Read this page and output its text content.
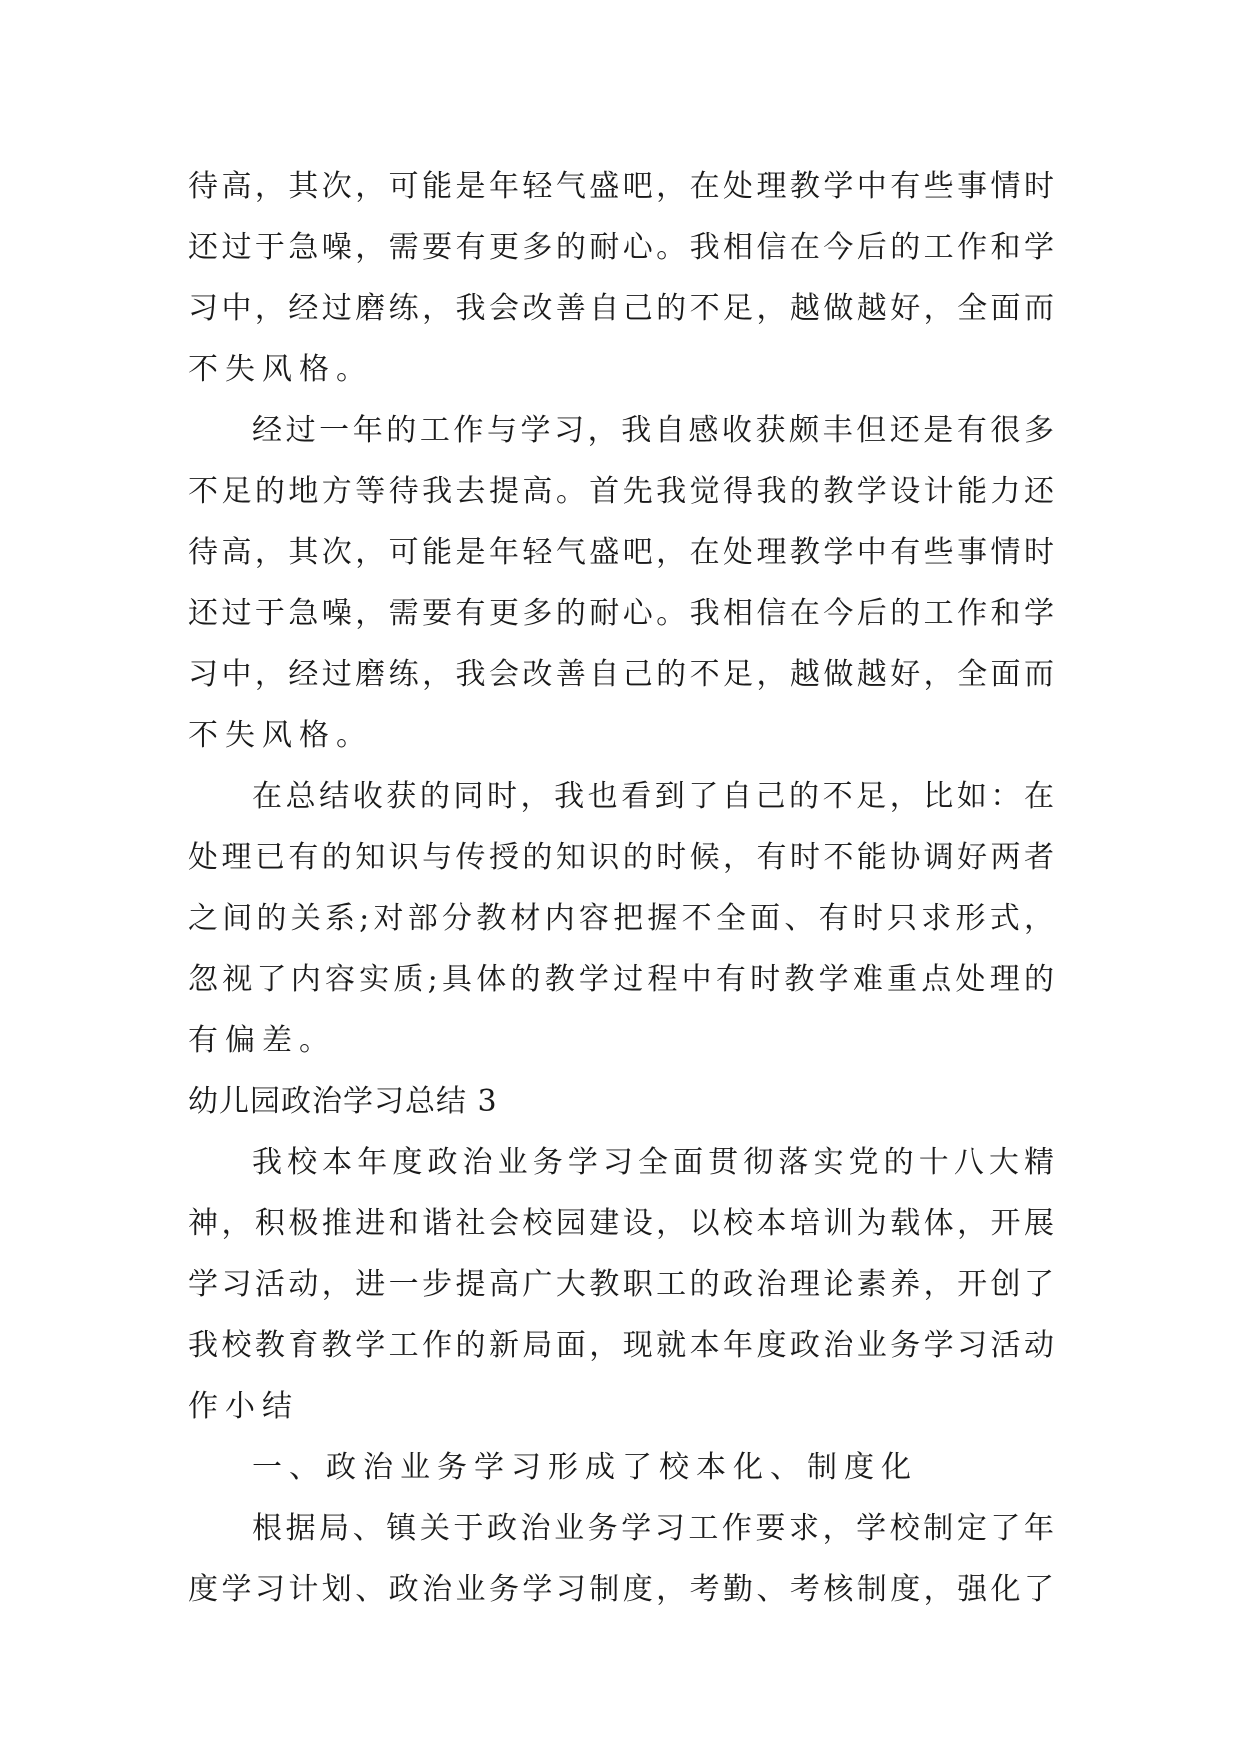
待高，其次，可能是年轻气盛吧，在处理教学中有些事情时
还过于急噪，需要有更多的耐心。我相信在今后的工作和学
习中，经过磨练，我会改善自己的不足，越做越好，全面而
不失风格。
经过一年的工作与学习，我自感收获颇丰但还是有很多
不足的地方等待我去提高。首先我觉得我的教学设计能力还
待高，其次，可能是年轻气盛吧，在处理教学中有些事情时
还过于急噪，需要有更多的耐心。我相信在今后的工作和学
习中，经过磨练，我会改善自己的不足，越做越好，全面而
不失风格。
在总结收获的同时，我也看到了自己的不足，比如：在
处理已有的知识与传授的知识的时候，有时不能协调好两者
之间的关系;对部分教材内容把握不全面、有时只求形式，
忽视了内容实质;具体的教学过程中有时教学难重点处理的
有偏差。
幼儿园政治学习总结 3
我校本年度政治业务学习全面贯彻落实党的十八大精
神，积极推进和谐社会校园建设，以校本培训为载体，开展
学习活动，进一步提高广大教职工的政治理论素养，开创了
我校教育教学工作的新局面，现就本年度政治业务学习活动
作小结
一、政治业务学习形成了校本化、制度化
根据局、镇关于政治业务学习工作要求，学校制定了年
度学习计划、政治业务学习制度，考勤、考核制度，强化了
